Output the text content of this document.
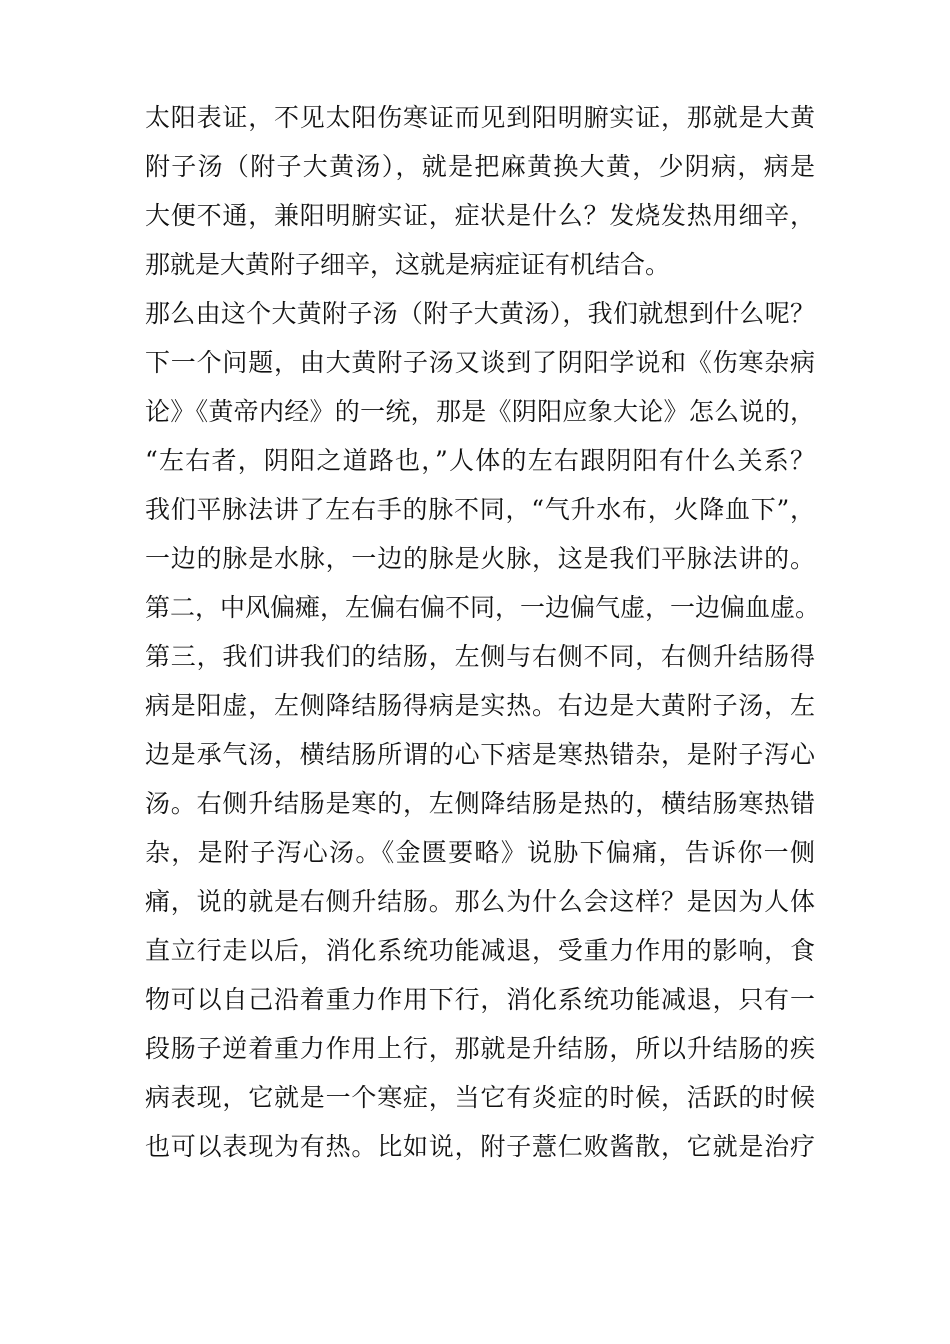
太阳表证，不见太阳伤寒证而见到阳明腑实证，那就是大黄
附子汤（附子大黄汤），就是把麻黄换大黄，少阴病，病是
大便不通，兼阳明腑实证，症状是什么？发烧发热用细辛，
那就是大黄附子细辛，这就是病症证有机结合。
那么由这个大黄附子汤（附子大黄汤），我们就想到什么呢？
下一个问题，由大黄附子汤又谈到了阴阳学说和《伤寒杂病
论》《黄帝内经》的一统，那是《阴阳应象大论》怎么说的，
“左右者，阴阳之道路也，”人体的左右跟阴阳有什么关系？
我们平脉法讲了左右手的脉不同，“气升水布，火降血下”，
一边的脉是水脉，一边的脉是火脉，这是我们平脉法讲的。
第二，中风偏瘫，左偏右偏不同，一边偏气虚，一边偏血虚。
第三，我们讲我们的结肠，左侧与右侧不同，右侧升结肠得
病是阳虚，左侧降结肠得病是实热。右边是大黄附子汤，左
边是承气汤，横结肠所谓的心下痞是寒热错杂，是附子泻心
汤。右侧升结肠是寒的，左侧降结肠是热的，横结肠寒热错
杂，是附子泻心汤。《金匮要略》说胁下偏痛，告诉你一侧
痛，说的就是右侧升结肠。那么为什么会这样？是因为人体
直立行走以后，消化系统功能减退，受重力作用的影响，食
物可以自己沿着重力作用下行，消化系统功能减退，只有一
段肠子逆着重力作用上行，那就是升结肠，所以升结肠的疾
病表现，它就是一个寒症，当它有炎症的时候，活跃的时候
也可以表现为有热。比如说，附子薏仁败酱散，它就是治疗
